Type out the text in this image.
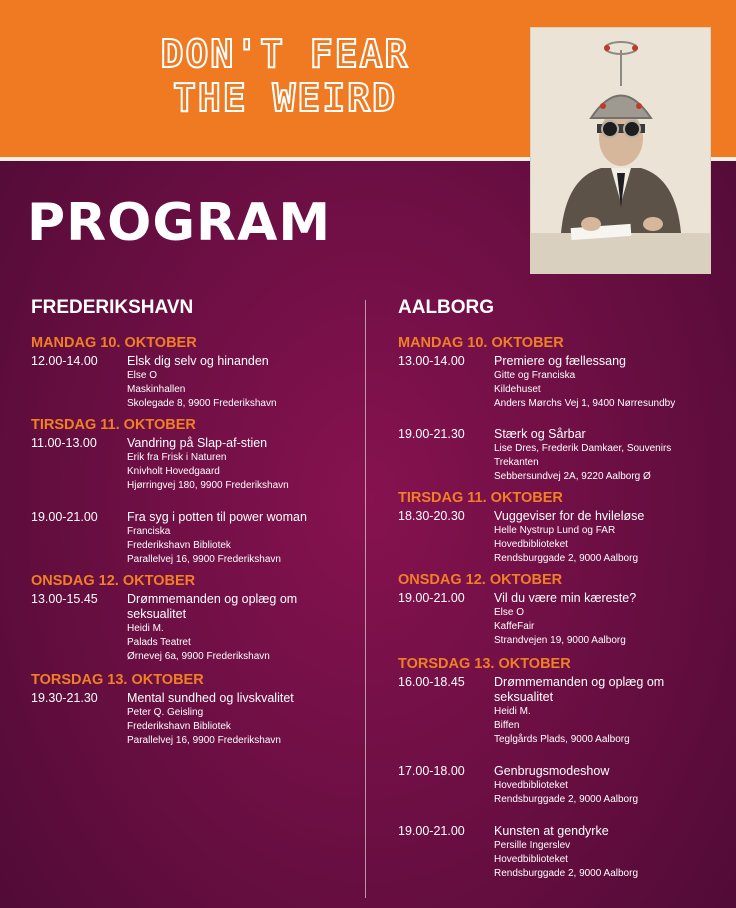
DON'T FEAR
THE WEIRD
PROGRAM
FREDERIKSHAVN
MANDAG 10. OKTOBER
12.00-14.00	Elsk dig selv og hinanden
Else O
Maskinhallen
Skolegade 8, 9900 Frederikshavn
TIRSDAG 11. OKTOBER
11.00-13.00	Vandring på Slap-af-stien
Erik fra Frisk i Naturen
Knivholt Hovedgaard
Hjørringvej 180, 9900 Frederikshavn
19.00-21.00	Fra syg i potten til power woman
Franciska
Frederikshavn Bibliotek
Parallelvej 16, 9900 Frederikshavn
ONSDAG 12. OKTOBER
13.00-15.45	Drømmemanden og oplæg om
seksualitet
Heidi M.
Palads Teatret
Ørnevej 6a, 9900 Frederikshavn
TORSDAG 13. OKTOBER
19.30-21.30	Mental sundhed og livskvalitet
Peter Q. Geisling
Frederikshavn Bibliotek
Parallelvej 16, 9900 Frederikshavn
AALBORG
MANDAG 10. OKTOBER
13.00-14.00	Premiere og fællessang
Gitte og Franciska
Kildehuset
Anders Mørchs Vej 1, 9400 Nørresundby
19.00-21.30	Stærk og Sårbar
Lise Dres, Frederik Damkaer, Souvenirs
Trekanten
Sebbersundvej 2A, 9220 Aalborg Ø
TIRSDAG 11. OKTOBER
18.30-20.30	Vuggeviser for de hvileløse
Helle Nystrup Lund og FAR
Hovedbiblioteket
Rendsburggade 2, 9000 Aalborg
ONSDAG 12. OKTOBER
19.00-21.00	Vil du være min kæreste?
Else O
KaffeFair
Strandvejen 19, 9000 Aalborg
TORSDAG 13. OKTOBER
16.00-18.45	Drømmemanden og oplæg om
seksualitet
Heidi M.
Biffen
Teglgårds Plads, 9000 Aalborg
17.00-18.00	Genbrugsmodeshow
Hovedbiblioteket
Rendsburggade 2, 9000 Aalborg
19.00-21.00	Kunsten at gendyrke
Persille Ingerslev
Hovedbiblioteket
Rendsburggade 2, 9000 Aalborg
